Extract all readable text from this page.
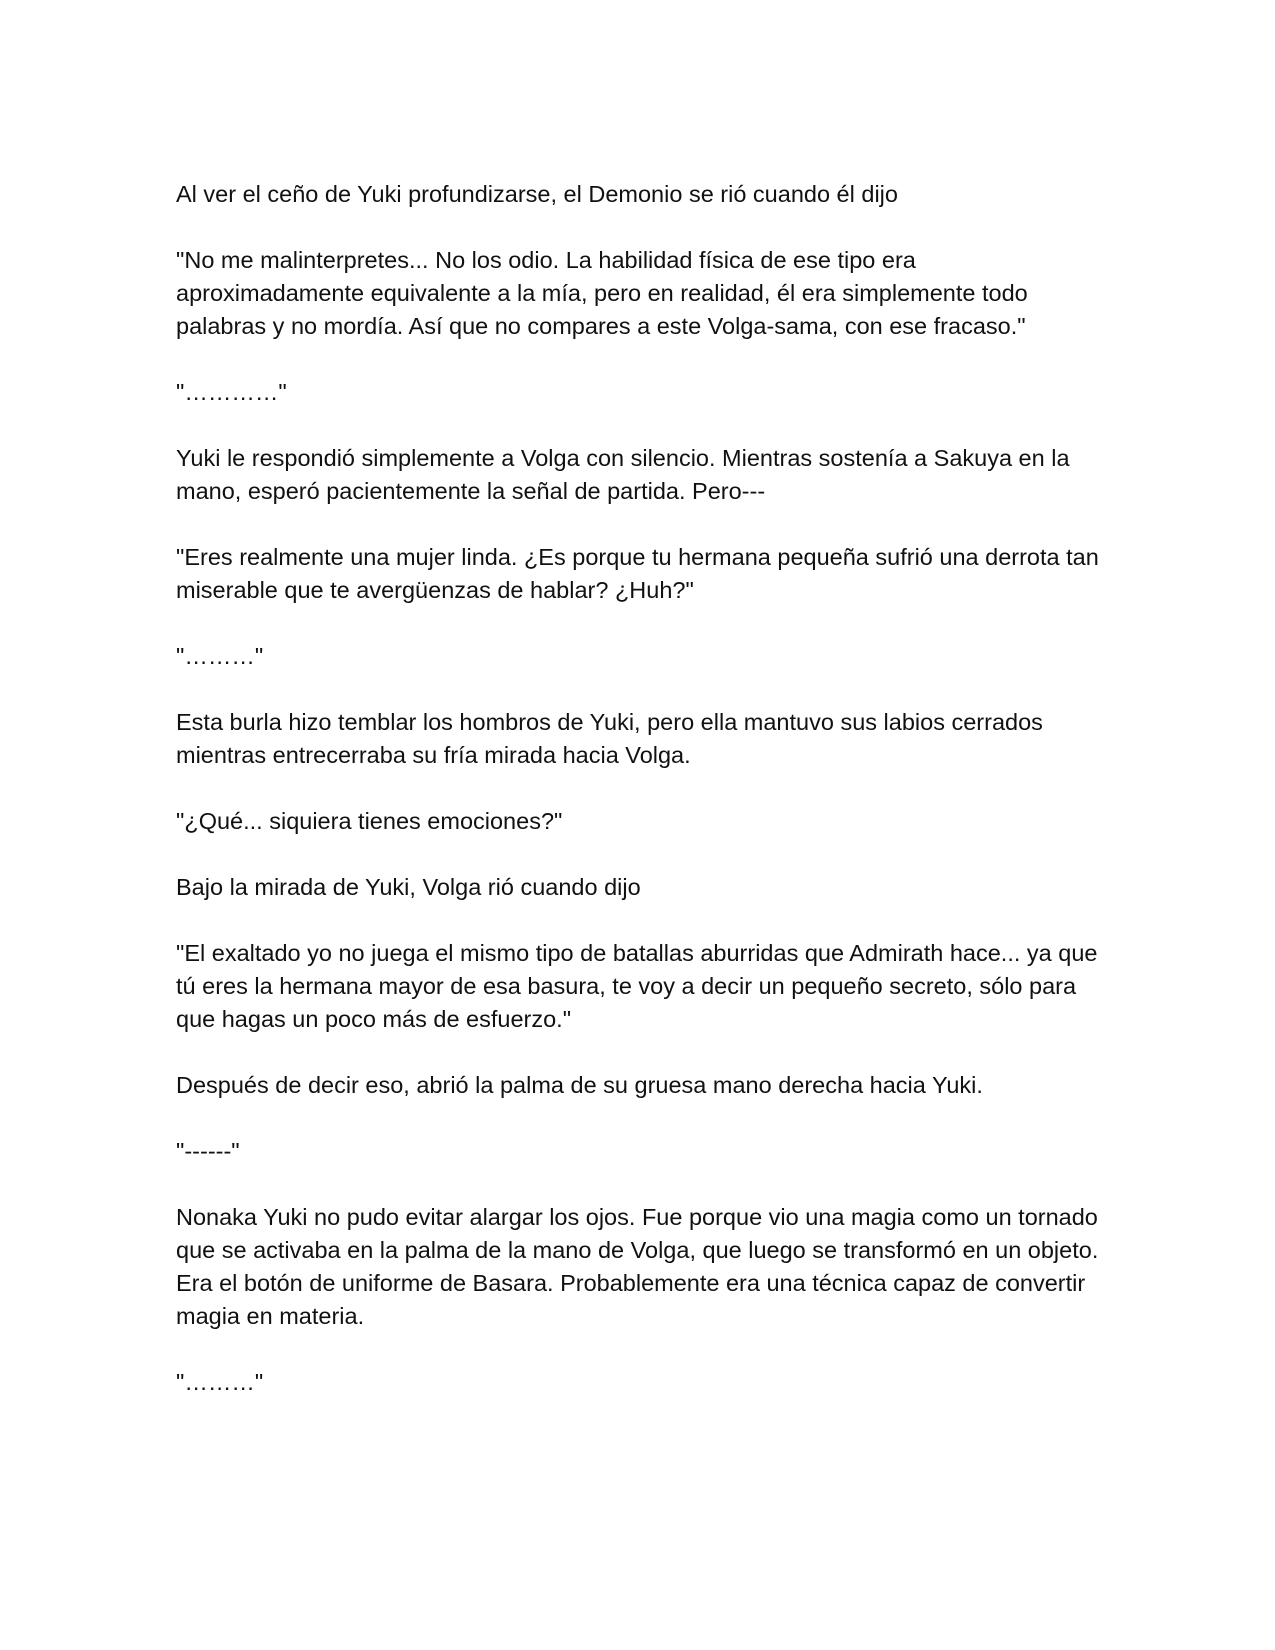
Al ver el ceño de Yuki profundizarse, el Demonio se rió cuando él dijo

"No me malinterpretes... No los odio. La habilidad física de ese tipo era aproximadamente equivalente a la mía, pero en realidad, él era simplemente todo palabras y no mordía. Así que no compares a este Volga-sama, con ese fracaso."

"…………"

Yuki le respondió simplemente a Volga con silencio. Mientras sostenía a Sakuya en la mano, esperó pacientemente la señal de partida. Pero---

"Eres realmente una mujer linda. ¿Es porque tu hermana pequeña sufrió una derrota tan miserable que te avergüenzas de hablar? ¿Huh?"

"………"

Esta burla hizo temblar los hombros de Yuki, pero ella mantuvo sus labios cerrados mientras entrecerraba su fría mirada hacia Volga.

"¿Qué... siquiera tienes emociones?"

Bajo la mirada de Yuki, Volga rió cuando dijo

"El exaltado yo no juega el mismo tipo de batallas aburridas que Admirath hace... ya que tú eres la hermana mayor de esa basura, te voy a decir un pequeño secreto, sólo para que hagas un poco más de esfuerzo."

Después de decir eso, abrió la palma de su gruesa mano derecha hacia Yuki.

"------"

Nonaka Yuki no pudo evitar alargar los ojos. Fue porque vio una magia como un tornado que se activaba en la palma de la mano de Volga, que luego se transformó en un objeto. Era el botón de uniforme de Basara. Probablemente era una técnica capaz de convertir magia en materia.

"………"
